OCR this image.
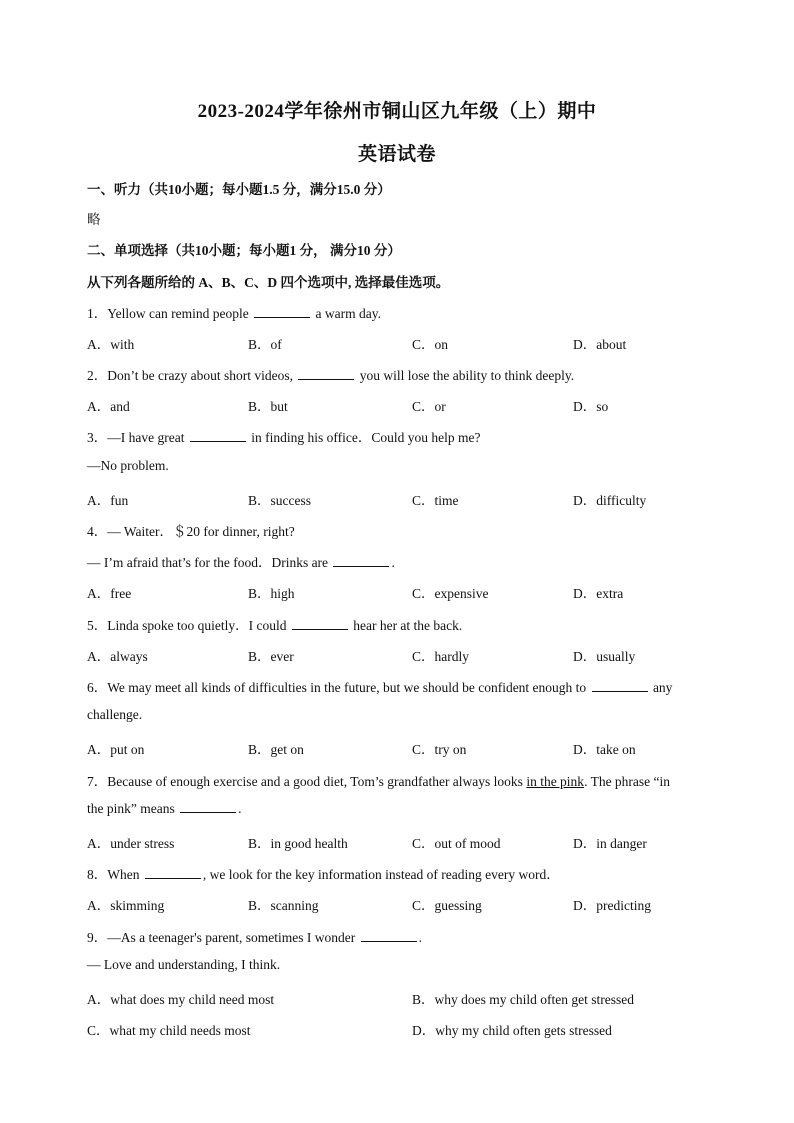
2023-2024学年徐州市铜山区九年级（上）期中
英语试卷
一、听力（共10小题；每小题1.5 分，满分15.0 分）
略
二、单项选择（共10小题；每小题1 分， 满分10 分）
从下列各题所给的 A、B、C、D 四个选项中, 选择最佳选项。
1．Yellow can remind people	a warm day.
A．with	B．of	C．on	D．about
2．Don’t be crazy about short videos,	you will lose the ability to think deeply.
A．and	B．but	C．or	D．so
3．—I have great	in finding his office．Could you help me?
—No problem.
A．fun	B．success	C．time	D．difficulty
4．— Waiter．＄20 for dinner, right?
— I’m afraid that’s for the food．Drinks are	.
A．free	B．high	C．expensive	D．extra
5．Linda spoke too quietly．I could	hear her at the back.
A．always	B．ever	C．hardly	D．usually
6．We may meet all kinds of difficulties in the future, but we should be confident enough to	any
challenge.
A．put on	B．get on	C．try on	D．take on
7．Because of enough exercise and a good diet, Tom’s grandfather always looks in the pink. The phrase “in
the pink” means	.
A．under stress	B．in good health	C．out of mood	D．in danger
8．When	, we look for the key information instead of reading every word．
A．skimming	B．scanning	C．guessing	D．predicting
9．—As a teenager's parent, sometimes I wonder	.
— Love and understanding, I think.
A．what does my child need most	B．why does my child often get stressed
C．what my child needs most	D．why my child often gets stressed
